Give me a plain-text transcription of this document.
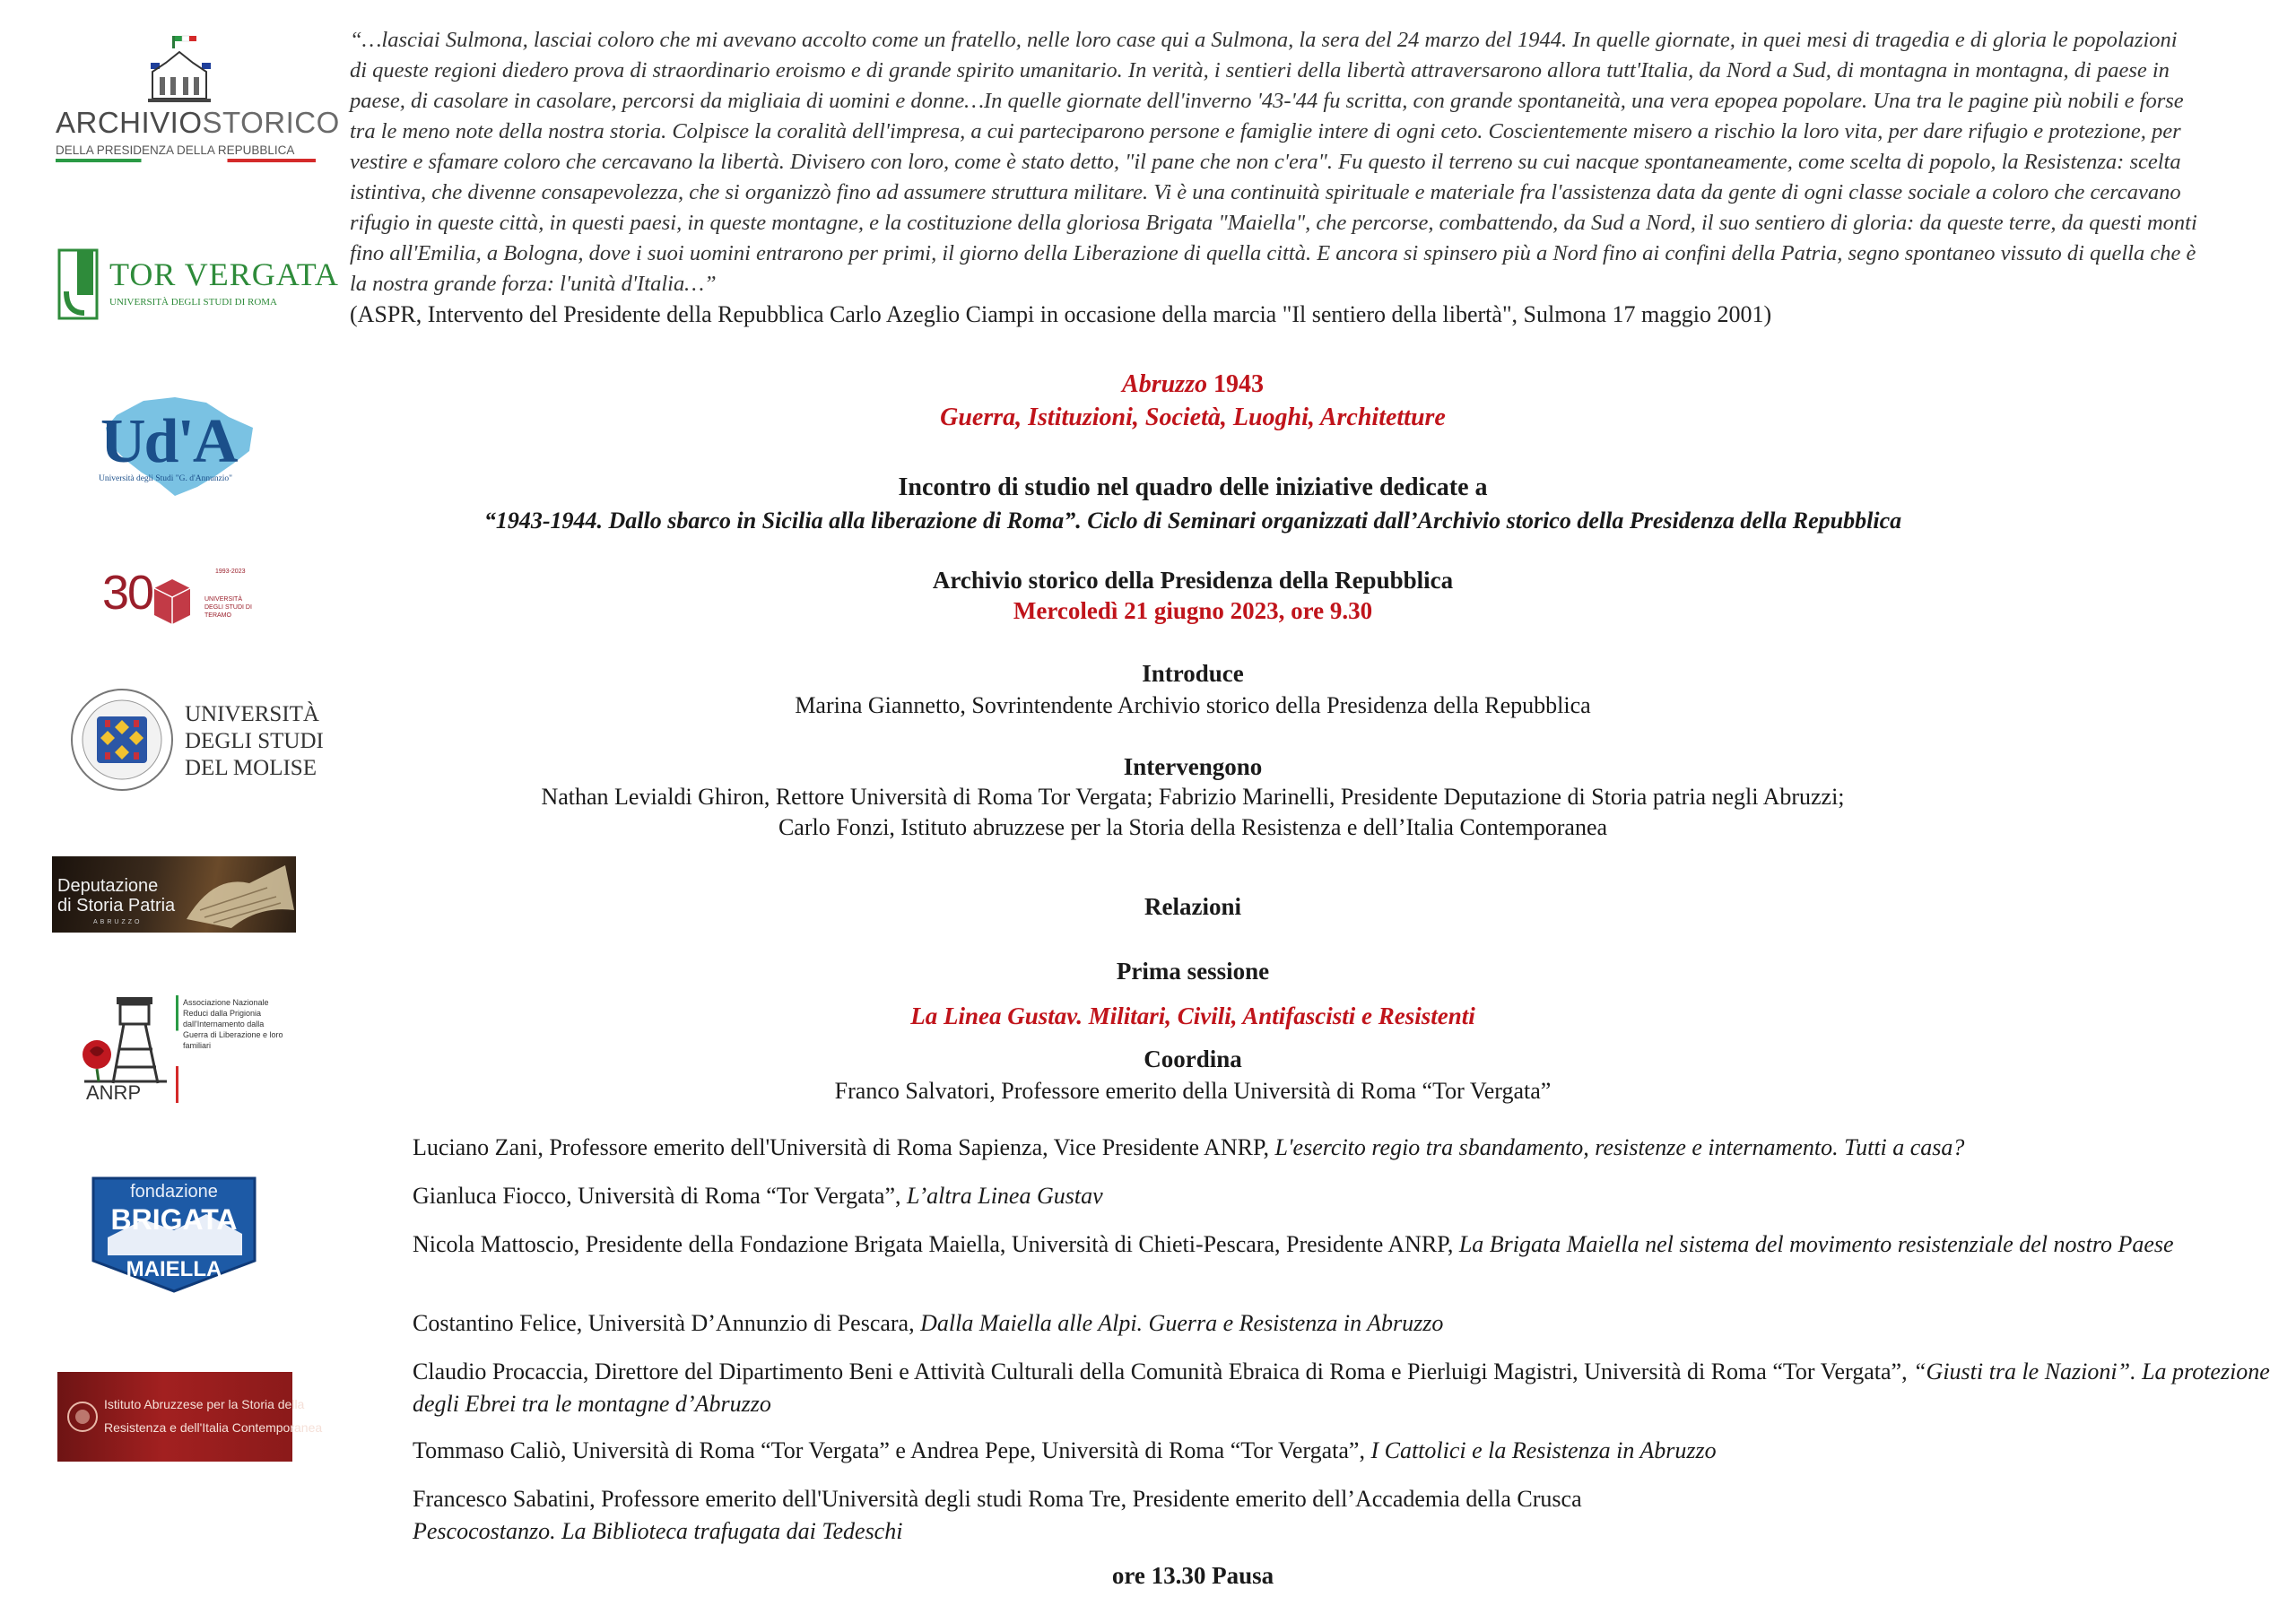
ARCHIVIOSTORICO
DELLA PRESIDENZA DELLA REPUBBLICA
TOR VERGATA
UNIVERSITÀ DEGLI STUDI DI ROMA
Ud'A
Università degli Studi "G. d'Annunzio"
30	1993-2023
UNIVERSITÀ DEGLI STUDI DI TERAMO
UNIVERSITÀ
DEGLI STUDI
DEL MOLISE
Deputazione
di Storia Patria
ABRUZZO
ANRP
Associazione Nazionale Reduci dalla Prigionia dall'Internamento dalla Guerra di Liberazione e loro familiari
fondazione
BRIGATA
MAIELLA
Istituto Abruzzese per la Storia della
Resistenza e dell'Italia Contemporanea
“…lasciai Sulmona, lasciai coloro che mi avevano accolto come un fratello, nelle loro case qui a Sulmona, la sera del 24 marzo del 1944. In quelle giornate, in quei mesi di tragedia e di gloria le popolazioni di queste regioni diedero prova di straordinario eroismo e di grande spirito umanitario. In verità, i sentieri della libertà attraversarono allora tutt'Italia, da Nord a Sud, di montagna in montagna, di paese in paese, di casolare in casolare, percorsi da migliaia di uomini e donne…In quelle giornate dell'inverno '43-'44 fu scritta, con grande spontaneità, una vera epopea popolare. Una tra le pagine più nobili e forse tra le meno note della nostra storia. Colpisce la coralità dell'impresa, a cui parteciparono persone e famiglie intere di ogni ceto. Coscientemente misero a rischio la loro vita, per dare rifugio e protezione, per vestire e sfamare coloro che cercavano la libertà. Divisero con loro, come è stato detto, "il pane che non c'era". Fu questo il terreno su cui nacque spontaneamente, come scelta di popolo, la Resistenza: scelta istintiva, che divenne consapevolezza, che si organizzò fino ad assumere struttura militare. Vi è una continuità spirituale e materiale fra l'assistenza data da gente di ogni classe sociale a coloro che cercavano rifugio in queste città, in questi paesi, in queste montagne, e la costituzione della gloriosa Brigata "Maiella", che percorse, combattendo, da Sud a Nord, il suo sentiero di gloria: da queste terre, da questi monti fino all'Emilia, a Bologna, dove i suoi uomini entrarono per primi, il giorno della Liberazione di quella città. E ancora si spinsero più a Nord fino ai confini della Patria, segno spontaneo vissuto di quella che è la nostra grande forza: l'unità d'Italia…”
(ASPR, Intervento del Presidente della Repubblica Carlo Azeglio Ciampi in occasione della marcia "Il sentiero della libertà", Sulmona 17 maggio 2001)
Abruzzo 1943
Guerra, Istituzioni, Società, Luoghi, Architetture
Incontro di studio nel quadro delle iniziative dedicate a
“1943-1944. Dallo sbarco in Sicilia alla liberazione di Roma”. Ciclo di Seminari organizzati dall’Archivio storico della Presidenza della Repubblica
Archivio storico della Presidenza della Repubblica
Mercoledì 21 giugno 2023, ore 9.30
Introduce
Marina Giannetto, Sovrintendente Archivio storico della Presidenza della Repubblica
Intervengono
Nathan Levialdi Ghiron, Rettore Università di Roma Tor Vergata; Fabrizio Marinelli, Presidente Deputazione di Storia patria negli Abruzzi;
Carlo Fonzi, Istituto abruzzese per la Storia della Resistenza e dell’Italia Contemporanea
Relazioni
Prima sessione
La Linea Gustav. Militari, Civili, Antifascisti e Resistenti
Coordina
Franco Salvatori, Professore emerito della Università di Roma “Tor Vergata”
Luciano Zani, Professore emerito dell'Università di Roma Sapienza, Vice Presidente ANRP, L'esercito regio tra sbandamento, resistenze e internamento. Tutti a casa?
Gianluca Fiocco, Università di Roma “Tor Vergata”, L’altra Linea Gustav
Nicola Mattoscio, Presidente della Fondazione Brigata Maiella, Università di Chieti-Pescara, Presidente ANRP, La Brigata Maiella nel sistema del movimento resistenziale del nostro Paese
Costantino Felice, Università D’Annunzio di Pescara, Dalla Maiella alle Alpi. Guerra e Resistenza in Abruzzo
Claudio Procaccia, Direttore del Dipartimento Beni e Attività Culturali della Comunità Ebraica di Roma e Pierluigi Magistri, Università di Roma “Tor Vergata”, “Giusti tra le Nazioni”. La protezione degli Ebrei tra le montagne d’Abruzzo
Tommaso Caliò, Università di Roma “Tor Vergata” e Andrea Pepe, Università di Roma “Tor Vergata”, I Cattolici e la Resistenza in Abruzzo
Francesco Sabatini, Professore emerito dell'Università degli studi Roma Tre, Presidente emerito dell’Accademia della Crusca
Pescocostanzo. La Biblioteca trafugata dai Tedeschi
ore 13.30 Pausa
